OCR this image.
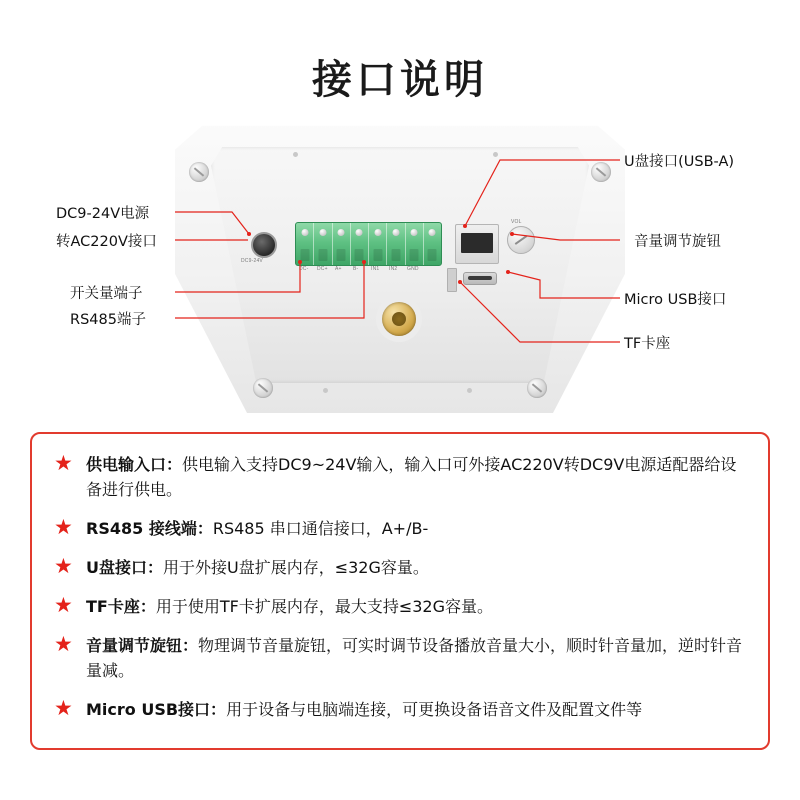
接口说明
DC9-24V
DC- DC+ A+ B-	IN1 IN2 GND
VOL
DC9-24V电源
转AC220V接口
开关量端子
RS485端子
U盘接口(USB-A)
音量调节旋钮
Micro USB接口
TF卡座
★ 供电输入口：供电输入支持DC9~24V输入，输入口可外接AC220V转DC9V电源适配器给设备进行供电。
★ RS485 接线端：RS485 串口通信接口，A+/B-
★ U盘接口：用于外接U盘扩展内存，≤32G容量。
★ TF卡座：用于使用TF卡扩展内存，最大支持≤32G容量。
★ 音量调节旋钮：物理调节音量旋钮，可实时调节设备播放音量大小，顺时针音量加，逆时针音量减。
★ Micro USB接口：用于设备与电脑端连接，可更换设备语音文件及配置文件等
